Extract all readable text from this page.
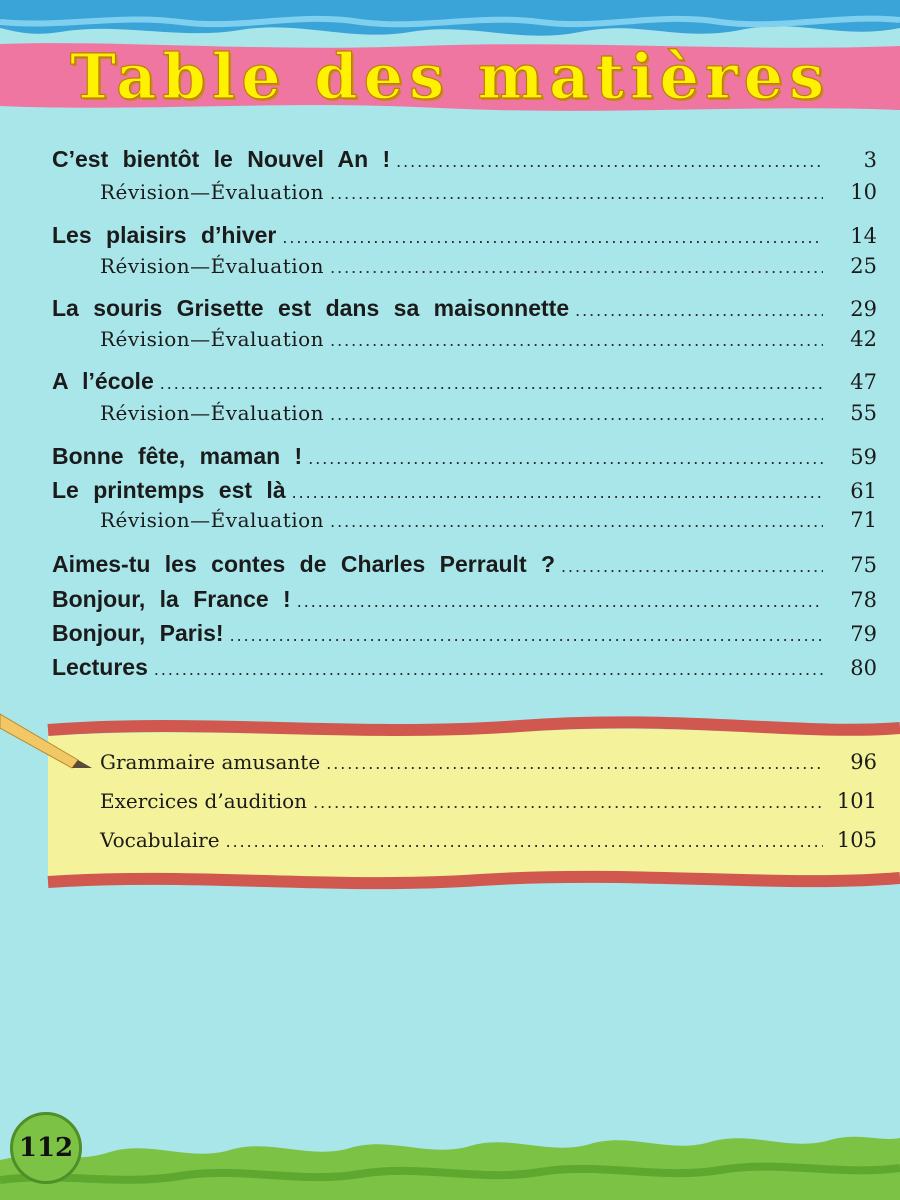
Table des matières
C’est bientôt le Nouvel An ! .....	3
Révision—Évaluation .....	10
Les plaisirs d’hiver .....	14
Révision—Évaluation .....	25
La souris Grisette est dans sa maisonnette .....	29
Révision—Évaluation .....	42
A l’école .....	47
Révision—Évaluation .....	55
Bonne fête, maman ! .....	59
Le printemps est là .....	61
Révision—Évaluation .....	71
Aimes-tu les contes de Charles Perrault ? .....	75
Bonjour, la France ! .....	78
Bonjour, Paris! .....	79
Lectures .....	80
Grammaire amusante .....	96
Exercices d’audition .....	101
Vocabulaire .....	105
112
